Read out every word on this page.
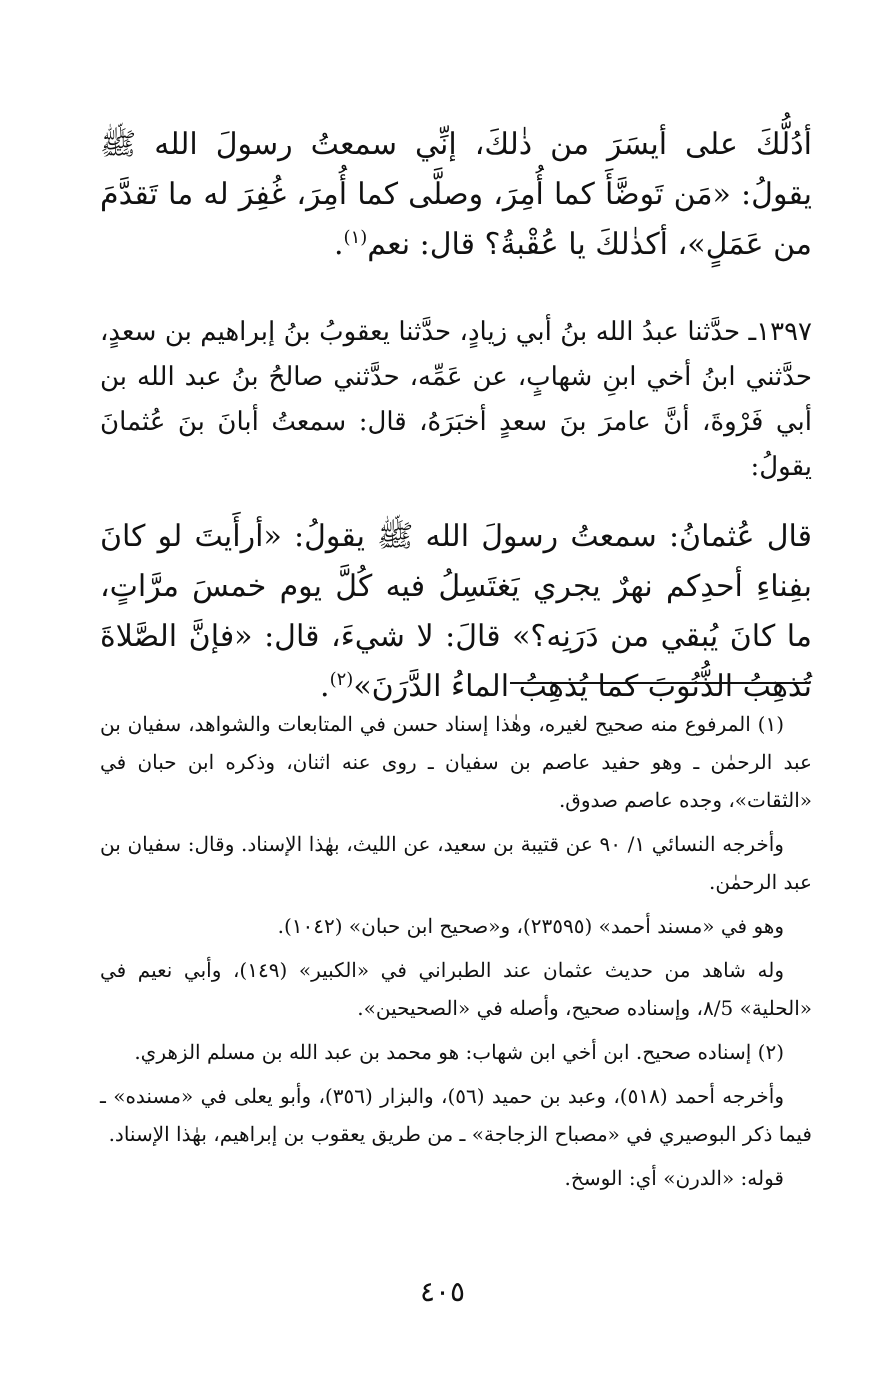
أدُلُّكَ على أيسَرَ من ذٰلكَ، إنِّي سمعتُ رسولَ الله ﷺ يقولُ: «مَن تَوضَّأَ كما أُمِرَ، وصلَّى كما أُمِرَ، غُفِرَ له ما تَقدَّمَ من عَمَلٍ»، أكذٰلكَ يا عُقْبةُ؟ قال: نعم$^{(١)}$.

١٣٩٧ـ حدَّثنا عبدُ الله بنُ أبي زيادٍ، حدَّثنا يعقوبُ بنُ إبراهيم بن سعدٍ، حدَّثني ابنُ أخي ابنِ شهابٍ، عن عَمِّه، حدَّثني صالحُ بنُ عبد الله بن أبي فَرْوةَ، أنَّ عامرَ بنَ سعدٍ أخبَرَهُ، قال: سمعتُ أبانَ بنَ عُثمانَ يقولُ:

قال عُثمانُ: سمعتُ رسولَ الله ﷺ يقولُ: «أرأَيتَ لو كانَ بفِناءِ أحدِكم نهرٌ يجري يَغتَسِلُ فيه كُلَّ يوم خمسَ مرَّاتٍ، ما كانَ يُبقي من دَرَنِه؟» قالَ: لا شيءَ، قال: «فإنَّ الصَّلاةَ تُذهِبُ الذُّنُوبَ كما يُذهِبُ الماءُ الدَّرَنَ»$^{(٢)}$.

(١) المرفوع منه صحيح لغيره، وهٰذا إسناد حسن في المتابعات والشواهد، سفيان بن عبد الرحمٰن ـ وهو حفيد عاصم بن سفيان ـ روى عنه اثنان، وذكره ابن حبان في «الثقات»، وجده عاصم صدوق.

وأخرجه النسائي ١/ ٩٠ عن قتيبة بن سعيد، عن الليث، بهٰذا الإسناد. وقال: سفيان بن عبد الرحمٰن.

وهو في «مسند أحمد» (٢٣٥٩٥)، و«صحيح ابن حبان» (١٠٤٢).

وله شاهد من حديث عثمان عند الطبراني في «الكبير» (١٤٩)، وأبي نعيم في «الحلية» ٨/5، وإسناده صحيح، وأصله في «الصحيحين».

(٢) إسناده صحيح. ابن أخي ابن شهاب: هو محمد بن عبد الله بن مسلم الزهري.

وأخرجه أحمد (٥١٨)، وعبد بن حميد (٥٦)، والبزار (٣٥٦)، وأبو يعلى في «مسنده» ـ فيما ذكر البوصيري في «مصباح الزجاجة» ـ من طريق يعقوب بن إبراهيم، بهٰذا الإسناد.

قوله: «الدرن» أي: الوسخ.

٤٠٥
